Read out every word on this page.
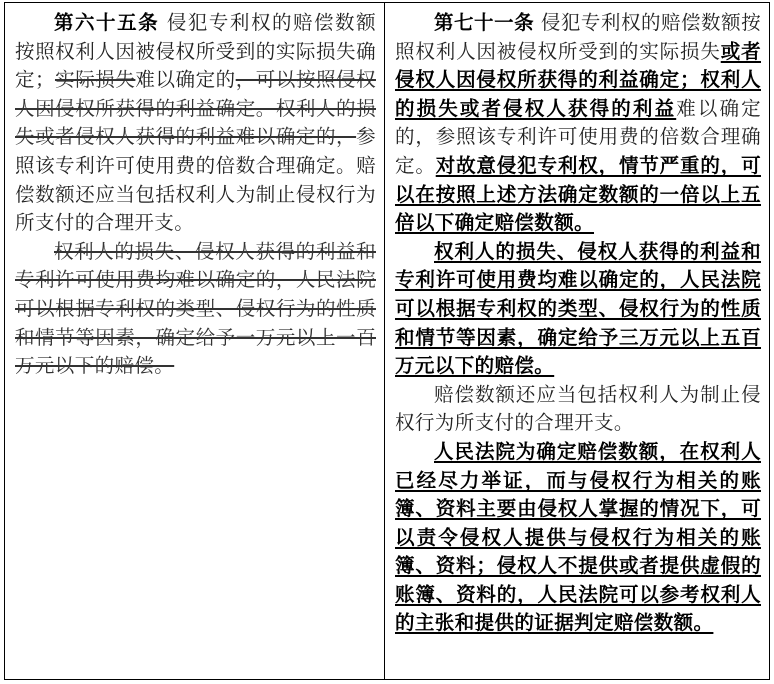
第六十五条 侵犯专利权的赔偿数额按照权利人因被侵权所受到的实际损失确定；实际损失难以确定的，可以按照侵权人因侵权所获得的利益确定。权利人的损失或者侵权人获得的利益难以确定的，参照该专利许可使用费的倍数合理确定。赔偿数额还应当包括权利人为制止侵权行为所支付的合理开支。

权利人的损失、侵权人获得的利益和专利许可使用费均难以确定的，人民法院可以根据专利权的类型、侵权行为的性质和情节等因素，确定给予一万元以上一百万元以下的赔偿。

第七十一条 侵犯专利权的赔偿数额按照权利人因被侵权所受到的实际损失或者侵权人因侵权所获得的利益确定；权利人的损失或者侵权人获得的利益难以确定的，参照该专利许可使用费的倍数合理确定。对故意侵犯专利权，情节严重的，可以在按照上述方法确定数额的一倍以上五倍以下确定赔偿数额。

权利人的损失、侵权人获得的利益和专利许可使用费均难以确定的，人民法院可以根据专利权的类型、侵权行为的性质和情节等因素，确定给予三万元以上五百万元以下的赔偿。

赔偿数额还应当包括权利人为制止侵权行为所支付的合理开支。

人民法院为确定赔偿数额，在权利人已经尽力举证，而与侵权行为相关的账簿、资料主要由侵权人掌握的情况下，可以责令侵权人提供与侵权行为相关的账簿、资料；侵权人不提供或者提供虚假的账簿、资料的，人民法院可以参考权利人的主张和提供的证据判定赔偿数额。
